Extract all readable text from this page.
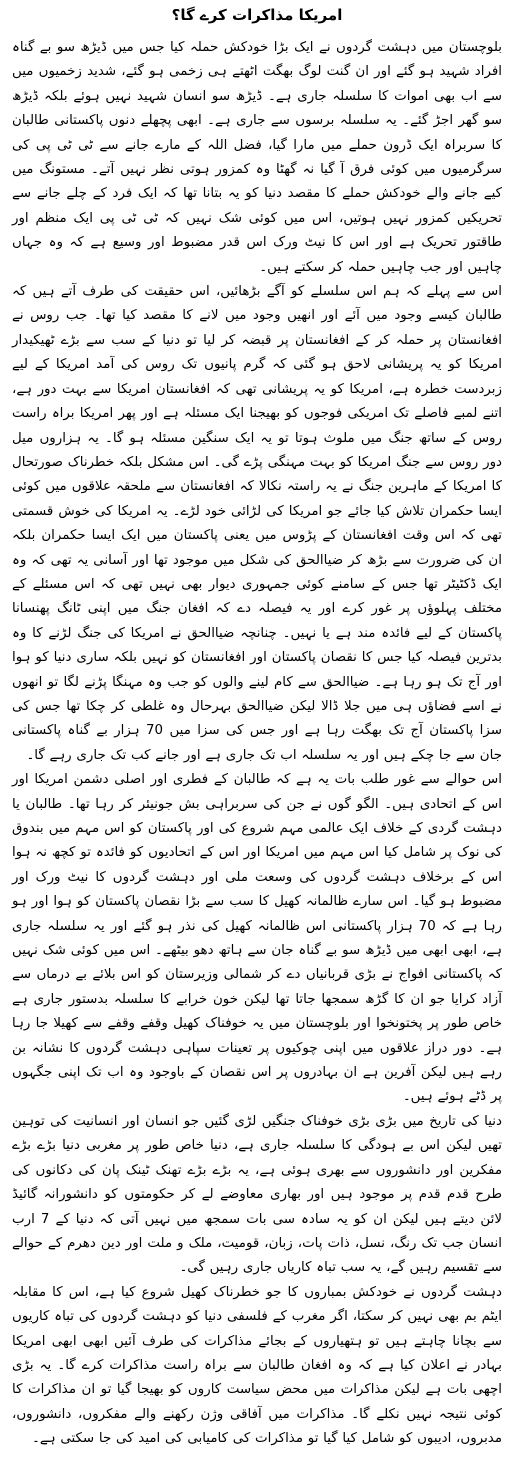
امریکا مذاکرات کرے گا؟

بلوچستان میں دہشت گردوں نے ایک بڑا خودکش حملہ کیا جس میں ڈیڑھ سو بے گناہ افراد شہید ہو گئے اور ان گنت لوگ بھگت اٹھتے ہی زخمی ہو گئے، شدید زخمیوں میں سے اب بھی اموات کا سلسلہ جاری ہے۔ ڈیڑھ سو انسان شہید نہیں ہوئے بلکہ ڈیڑھ سو گھر اجڑ گئے۔ یہ سلسلہ برسوں سے جاری ہے۔ ابھی پچھلے دنوں پاکستانی طالبان کا سربراہ ایک ڈرون حملے میں مارا گیا، فضل اللہ کے مارے جانے سے ٹی ٹی پی کی سرگرمیوں میں کوئی فرق آ گیا نہ گھٹا وہ کمزور ہوتی نظر نہیں آتے۔ مستونگ میں کیے جانے والے خودکش حملے کا مقصد دنیا کو یہ بتانا تھا کہ ایک فرد کے چلے جانے سے تحریکیں کمزور نہیں ہوتیں، اس میں کوئی شک نہیں کہ ٹی ٹی پی ایک منظم اور طاقتور تحریک ہے اور اس کا نیٹ ورک اس قدر مضبوط اور وسیع ہے کہ وہ جہاں چاہیں اور جب چاہیں حملہ کر سکتے ہیں۔

اس سے پہلے کہ ہم اس سلسلے کو آگے بڑھائیں، اس حقیقت کی طرف آتے ہیں کہ طالبان کیسے وجود میں آئے اور انھیں وجود میں لانے کا مقصد کیا تھا۔ جب روس نے افغانستان پر حملہ کر کے افغانستان پر قبضہ کر لیا تو دنیا کے سب سے بڑے ٹھیکیدار امریکا کو یہ پریشانی لاحق ہو گئی کہ گرم پانیوں تک روس کی آمد امریکا کے لیے زبردست خطرہ ہے، امریکا کو یہ پریشانی تھی کہ افغانستان امریکا سے بہت دور ہے، اتنے لمبے فاصلے تک امریکی فوجوں کو بھیجنا ایک مسئلہ ہے اور پھر امریکا براہ راست روس کے ساتھ جنگ میں ملوث ہوتا تو یہ ایک سنگین مسئلہ ہو گا۔ یہ ہزاروں میل دور روس سے جنگ امریکا کو بہت مہنگی پڑے گی۔ اس مشکل بلکہ خطرناک صورتحال کا امریکا کے ماہرین جنگ نے یہ راستہ نکالا کہ افغانستان سے ملحقہ علاقوں میں کوئی ایسا حکمران تلاش کیا جائے جو امریکا کی لڑائی خود لڑے۔ یہ امریکا کی خوش قسمتی تھی کہ اس وقت افغانستان کے پڑوس میں یعنی پاکستان میں ایک ایسا حکمران بلکہ ان کی ضرورت سے بڑھ کر ضیاالحق کی شکل میں موجود تھا اور آسانی یہ تھی کہ وہ ایک ڈکٹیٹر تھا جس کے سامنے کوئی جمہوری دیوار بھی نہیں تھی کہ اس مسئلے کے مختلف پہلوؤں پر غور کرے اور یہ فیصلہ دے کہ افغان جنگ میں اپنی ٹانگ پھنسانا پاکستان کے لیے فائدہ مند ہے یا نہیں۔ چنانچہ ضیاالحق نے امریکا کی جنگ لڑنے کا وہ بدترین فیصلہ کیا جس کا نقصان پاکستان اور افغانستان کو نہیں بلکہ ساری دنیا کو ہوا اور آج تک ہو رہا ہے۔ ضیاالحق سے کام لینے والوں کو جب وہ مہنگا پڑنے لگا تو انھوں نے اسے فضاؤں ہی میں جلا ڈالا لیکن ضیاالحق بہرحال وہ غلطی کر چکا تھا جس کی سزا پاکستان آج تک بھگت رہا ہے اور جس کی سزا میں 70 ہزار بے گناہ پاکستانی جان سے جا چکے ہیں اور یہ سلسلہ اب تک جاری ہے اور جانے کب تک جاری رہے گا۔

اس حوالے سے غور طلب بات یہ ہے کہ طالبان کے فطری اور اصلی دشمن امریکا اور اس کے اتحادی ہیں۔ الگو گوں نے جن کی سربراہی بش جونیئر کر رہا تھا۔ طالبان یا دہشت گردی کے خلاف ایک عالمی مہم شروع کی اور پاکستان کو اس مہم میں بندوق کی نوک پر شامل کیا اس مہم میں امریکا اور اس کے اتحادیوں کو فائدہ تو کچھ نہ ہوا اس کے برخلاف دہشت گردوں کی وسعت ملی اور دہشت گردوں کا نیٹ ورک اور مضبوط ہو گیا۔ اس سارے ظالمانہ کھیل کا سب سے بڑا نقصان پاکستان کو ہوا اور ہو رہا ہے کہ 70 ہزار پاکستانی اس ظالمانہ کھیل کی نذر ہو گئے اور یہ سلسلہ جاری ہے، ابھی ابھی میں ڈیڑھ سو بے گناہ جان سے ہاتھ دھو بیٹھے۔ اس میں کوئی شک نہیں کہ پاکستانی افواج نے بڑی قربانیاں دے کر شمالی وزیرستان کو اس بلائے بے درماں سے آزاد کرایا جو ان کا گڑھ سمجھا جاتا تھا لیکن خون خرابے کا سلسلہ بدستور جاری ہے خاص طور پر پختونخوا اور بلوچستان میں یہ خوفناک کھیل وقفے وقفے سے کھیلا جا رہا ہے۔ دور دراز علاقوں میں اپنی چوکیوں پر تعینات سپاہی دہشت گردوں کا نشانہ بن رہے ہیں لیکن آفرین ہے ان بہادروں پر اس نقصان کے باوجود وہ اب تک اپنی جگہوں پر ڈٹے ہوئے ہیں۔

دنیا کی تاریخ میں بڑی بڑی خوفناک جنگیں لڑی گئیں جو انسان اور انسانیت کی توہین تھیں لیکن اس بے ہودگی کا سلسلہ جاری ہے، دنیا خاص طور پر مغربی دنیا بڑے بڑے مفکرین اور دانشوروں سے بھری ہوئی ہے، یہ بڑے بڑے تھنک ٹینک پان کی دکانوں کی طرح قدم قدم پر موجود ہیں اور بھاری معاوضے لے کر حکومتوں کو دانشورانہ گائیڈ لائن دیتے ہیں لیکن ان کو یہ سادہ سی بات سمجھ میں نہیں آتی کہ دنیا کے 7 ارب انسان جب تک رنگ، نسل، ذات پات، زبان، قومیت، ملک و ملت اور دین دھرم کے حوالے سے تقسیم رہیں گے، یہ سب تباہ کاریاں جاری رہیں گی۔

دہشت گردوں نے خودکش بمباروں کا جو خطرناک کھیل شروع کیا ہے، اس کا مقابلہ ایٹم بم بھی نہیں کر سکتا، اگر مغرب کے فلسفی دنیا کو دہشت گردوں کی تباہ کاریوں سے بچانا چاہتے ہیں تو ہتھیاروں کے بجائے مذاکرات کی طرف آئیں ابھی ابھی امریکا بہادر نے اعلان کیا ہے کہ وہ افغان طالبان سے براہ راست مذاکرات کرے گا۔ یہ بڑی اچھی بات ہے لیکن مذاکرات میں محض سیاست کاروں کو بھیجا گیا تو ان مذاکرات کا کوئی نتیجہ نہیں نکلے گا۔ مذاکرات میں آفاقی وژن رکھنے والے مفکروں، دانشوروں، مدبروں، ادیبوں کو شامل کیا گیا تو مذاکرات کی کامیابی کی امید کی جا سکتی ہے۔
